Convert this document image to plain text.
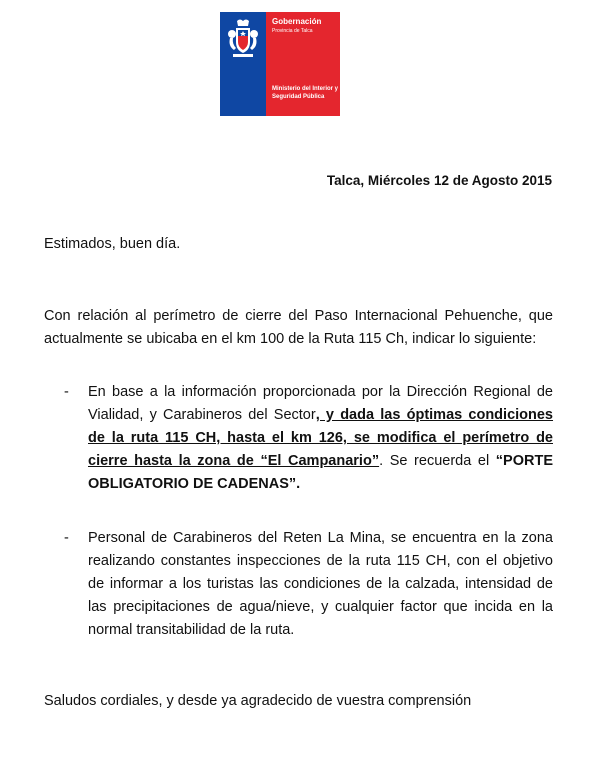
Gobernación
Provincia de Talca
Ministerio del Interior y Seguridad Pública
Talca, Miércoles 12 de Agosto 2015

Estimados, buen día.

Con relación al perímetro de cierre del Paso Internacional Pehuenche, que actualmente se ubicaba en el km 100 de la Ruta 115 Ch, indicar lo siguiente:

- En base a la información proporcionada por la Dirección Regional de Vialidad, y Carabineros del Sector, y dada las óptimas condiciones de la ruta 115 CH, hasta el km 126, se modifica el perímetro de cierre hasta la zona de “El Campanario”. Se recuerda el “PORTE OBLIGATORIO DE CADENAS”.
- Personal de Carabineros del Reten La Mina, se encuentra en la zona realizando constantes inspecciones de la ruta 115 CH, con el objetivo de informar a los turistas las condiciones de la calzada, intensidad de las precipitaciones de agua/nieve, y cualquier factor que incida en la normal transitabilidad de la ruta.

Saludos cordiales, y desde ya agradecido de vuestra comprensión
